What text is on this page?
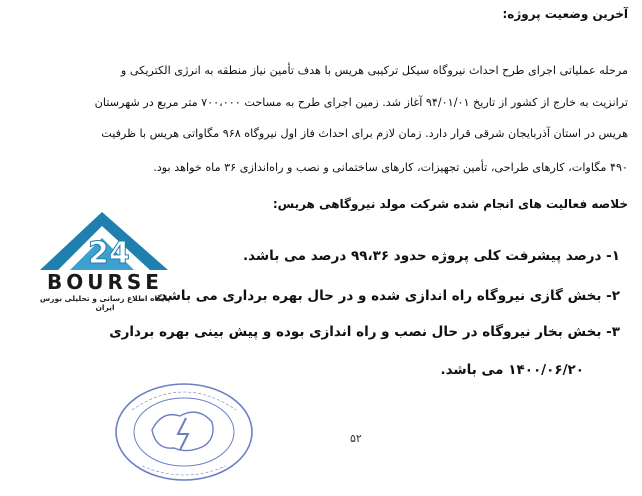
آخرین وضعیت پروژه:
مرحله عملیاتی اجرای طرح احداث نیروگاه سیکل ترکیبی هریس با هدف تأمین نیاز منطقه به انرژی الکتریکی و
ترانزیت به خارج از کشور از تاریخ ۹۴/۰۱/۰۱ آغاز شد. زمین اجرای طرح به مساحت ۷۰۰،۰۰۰ متر مربع در شهرستان
هریس در استان آذربایجان شرقی قرار دارد. زمان لازم برای احداث فاز اول نیروگاه ۹۶۸ مگاواتی هریس با ظرفیت
۴۹۰ مگاوات، کارهای طراحی، تأمین تجهیزات، کارهای ساختمانی و نصب و راه‌اندازی ۳۶ ماه خواهد بود.
خلاصه فعالیت های انجام شده شرکت مولد نیروگاهی هریس:
۱- درصد پیشرفت کلی پروژه حدود ۹۹،۳۶ درصد می باشد.
۲- بخش گازی نیروگاه راه اندازی شده و در حال بهره برداری می باشد.
۳- بخش بخار نیروگاه در حال نصب و راه اندازی بوده و پیش بینی بهره برداری
۱۴۰۰/۰۶/۲۰ می باشد.
24
BOURSE
پایگاه اطلاع رسانی و تحلیلی بورس ایران
۵۲
